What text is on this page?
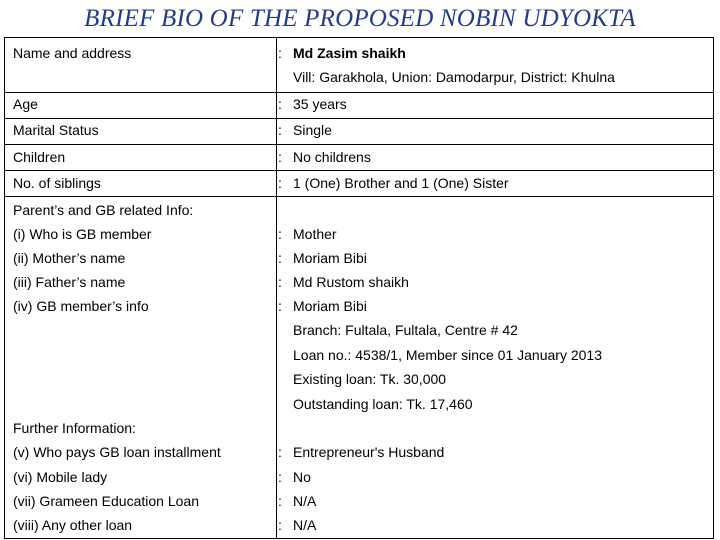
BRIEF BIO OF THE PROPOSED NOBIN UDYOKTA
Name and address	: Md Zasim shaikh
Vill: Garakhola, Union: Damodarpur, District: Khulna
Age	: 35 years
Marital Status	: Single
Children	: No childrens
No. of siblings	: 1 (One) Brother and 1 (One) Sister
Parent’s and GB related Info:
(i) Who is GB member	: Mother
(ii) Mother’s name	: Moriam Bibi
(iii) Father’s name	: Md Rustom shaikh
(iv) GB member’s info	: Moriam Bibi
Branch: Fultala, Fultala, Centre # 42
Loan no.: 4538/1, Member since 01 January 2013
Existing loan: Tk. 30,000
Outstanding loan: Tk. 17,460
Further Information:
(v) Who pays GB loan installment	: Entrepreneur's Husband
(vi) Mobile lady	: No
(vii) Grameen Education Loan	: N/A
(viii) Any other loan	: N/A
